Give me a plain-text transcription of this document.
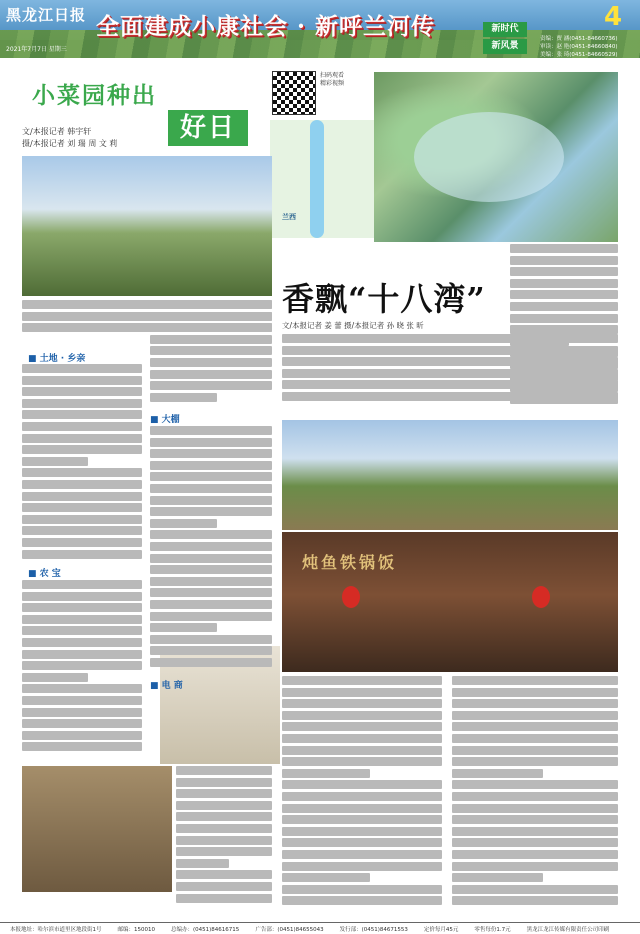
黑龙江日报
2021年7月7日 星期三
全面建成小康社会 · 新呼兰河传	新时代
新风景
4
责编：贾 涵(0451-84660736)
审读：赵 艳(0451-84660840)
美编：张 琦(0451-84660529)
小菜园种出
好日
文/本报记者 韩宇轩
摄/本报记者 刘 瑞 周 文 莉
扫码观看
精彩视频
兰西
炖鱼铁锅饭
香飘“十八湾”
文/本报记者 姜 蕾 摄/本报记者 孙 晓 张 昕
■ 土地 · 乡亲
■ 大棚
■ 农 宝
■ 电 商
本报地址：哈尔滨市道里区地段街1号	邮编：150010	总编办：(0451)84616715	广告部：(0451)84655043	发行部：(0451)84671553	定价每月45元	零售每份1.7元	黑龙江龙江传媒有限责任公司印刷
